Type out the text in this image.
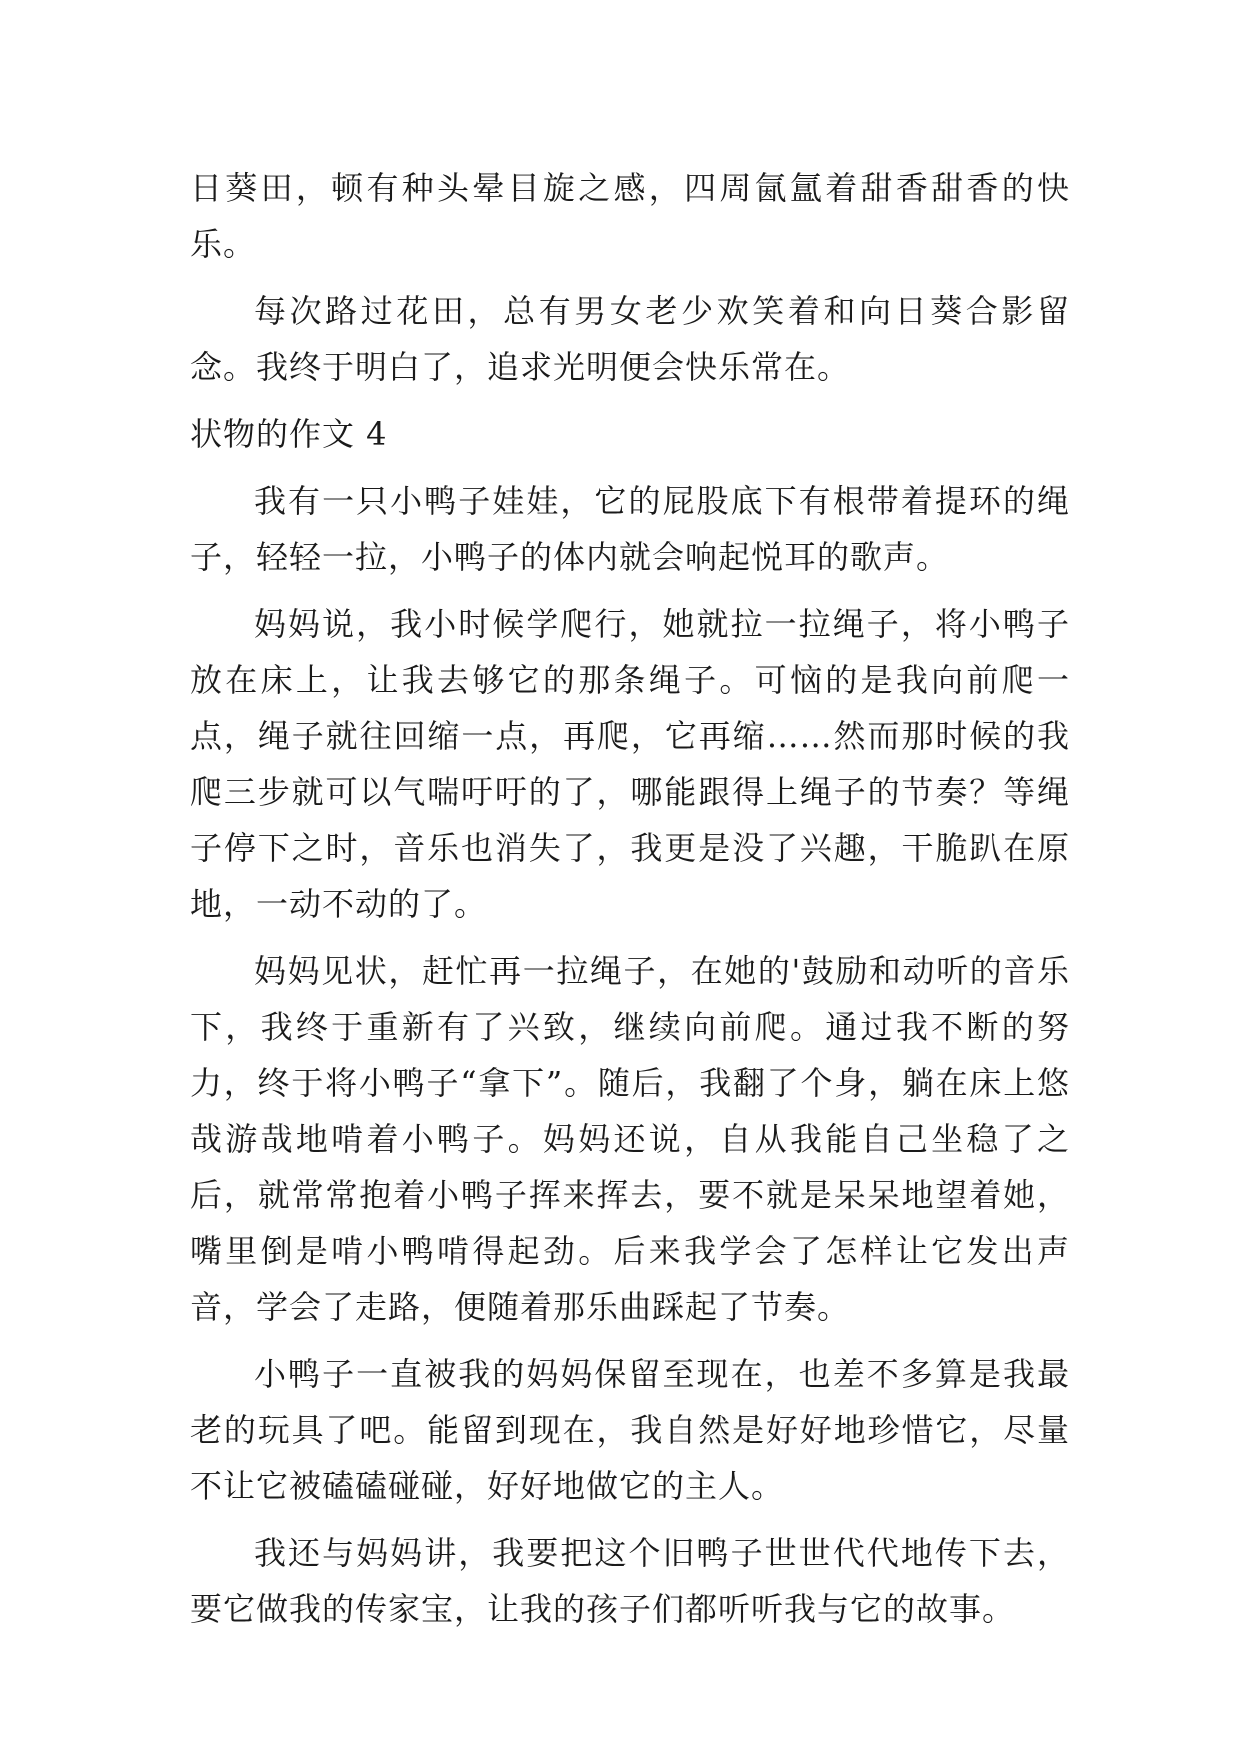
日葵田，顿有种头晕目旋之感，四周氤氲着甜香甜香的快乐。

每次路过花田，总有男女老少欢笑着和向日葵合影留念。我终于明白了，追求光明便会快乐常在。

状物的作文 4

我有一只小鸭子娃娃，它的屁股底下有根带着提环的绳子，轻轻一拉，小鸭子的体内就会响起悦耳的歌声。

妈妈说，我小时候学爬行，她就拉一拉绳子，将小鸭子放在床上，让我去够它的那条绳子。可恼的是我向前爬一点，绳子就往回缩一点，再爬，它再缩……然而那时候的我爬三步就可以气喘吁吁的了，哪能跟得上绳子的节奏？等绳子停下之时，音乐也消失了，我更是没了兴趣，干脆趴在原地，一动不动的了。

妈妈见状，赶忙再一拉绳子，在她的'鼓励和动听的音乐下，我终于重新有了兴致，继续向前爬。通过我不断的努力，终于将小鸭子“拿下”。随后，我翻了个身，躺在床上悠哉游哉地啃着小鸭子。妈妈还说，自从我能自己坐稳了之后，就常常抱着小鸭子挥来挥去，要不就是呆呆地望着她，嘴里倒是啃小鸭啃得起劲。后来我学会了怎样让它发出声音，学会了走路，便随着那乐曲踩起了节奏。

小鸭子一直被我的妈妈保留至现在，也差不多算是我最老的玩具了吧。能留到现在，我自然是好好地珍惜它，尽量不让它被磕磕碰碰，好好地做它的主人。

我还与妈妈讲，我要把这个旧鸭子世世代代地传下去，要它做我的传家宝，让我的孩子们都听听我与它的故事。
